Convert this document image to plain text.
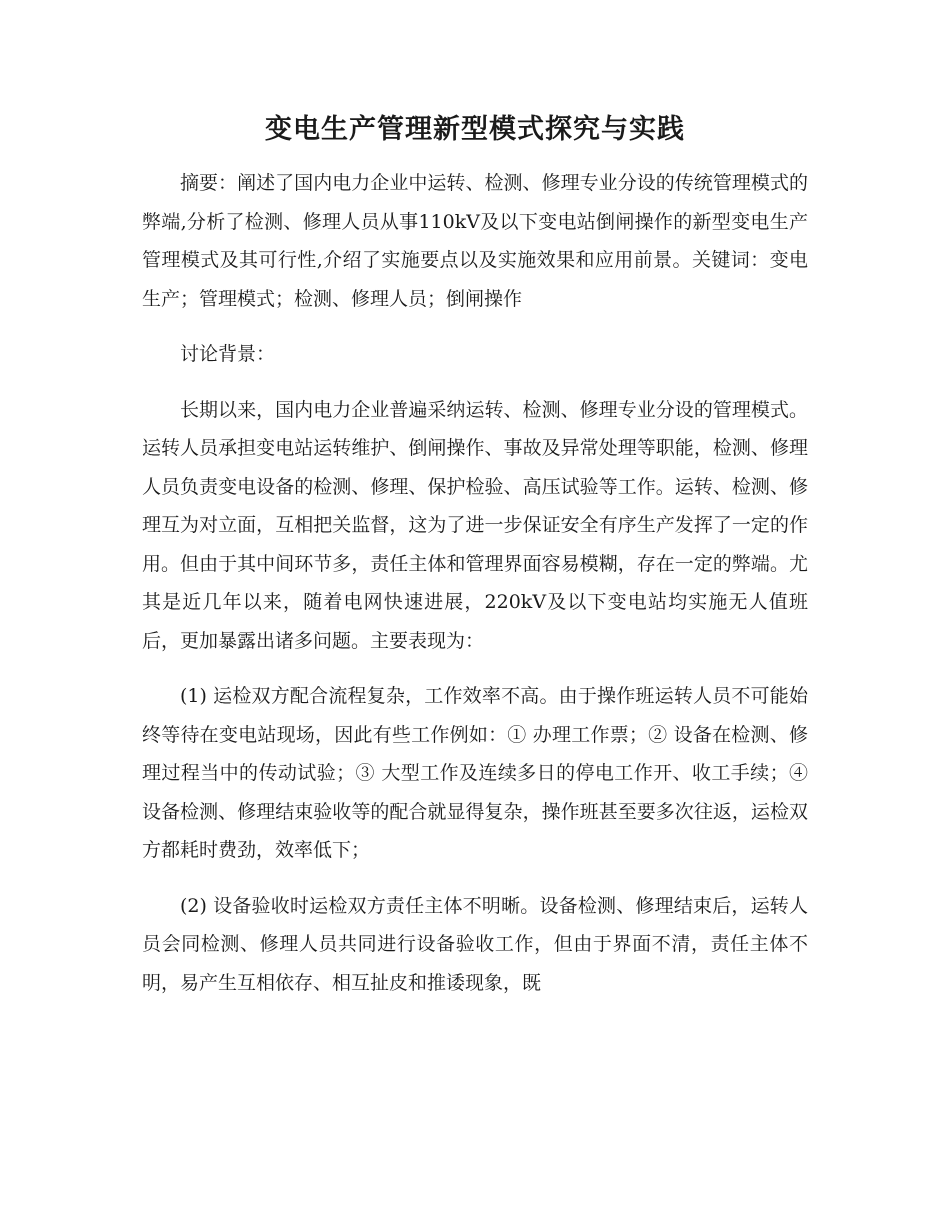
变电生产管理新型模式探究与实践

摘要：阐述了国内电力企业中运转、检测、修理专业分设的传统管理模式的弊端,分析了检测、修理人员从事110kV及以下变电站倒闸操作的新型变电生产管理模式及其可行性,介绍了实施要点以及实施效果和应用前景。关键词：变电生产；管理模式；检测、修理人员；倒闸操作

讨论背景：

长期以来，国内电力企业普遍采纳运转、检测、修理专业分设的管理模式。运转人员承担变电站运转维护、倒闸操作、事故及异常处理等职能，检测、修理人员负责变电设备的检测、修理、保护检验、高压试验等工作。运转、检测、修理互为对立面，互相把关监督，这为了进一步保证安全有序生产发挥了一定的作用。但由于其中间环节多，责任主体和管理界面容易模糊，存在一定的弊端。尤其是近几年以来，随着电网快速进展，220kV及以下变电站均实施无人值班后，更加暴露出诸多问题。主要表现为：

(1) 运检双方配合流程复杂，工作效率不高。由于操作班运转人员不可能始终等待在变电站现场，因此有些工作例如：① 办理工作票；② 设备在检测、修理过程当中的传动试验；③ 大型工作及连续多日的停电工作开、收工手续；④ 设备检测、修理结束验收等的配合就显得复杂，操作班甚至要多次往返，运检双方都耗时费劲，效率低下；

(2) 设备验收时运检双方责任主体不明晰。设备检测、修理结束后，运转人员会同检测、修理人员共同进行设备验收工作，但由于界面不清，责任主体不明，易产生互相依存、相互扯皮和推诿现象，既
